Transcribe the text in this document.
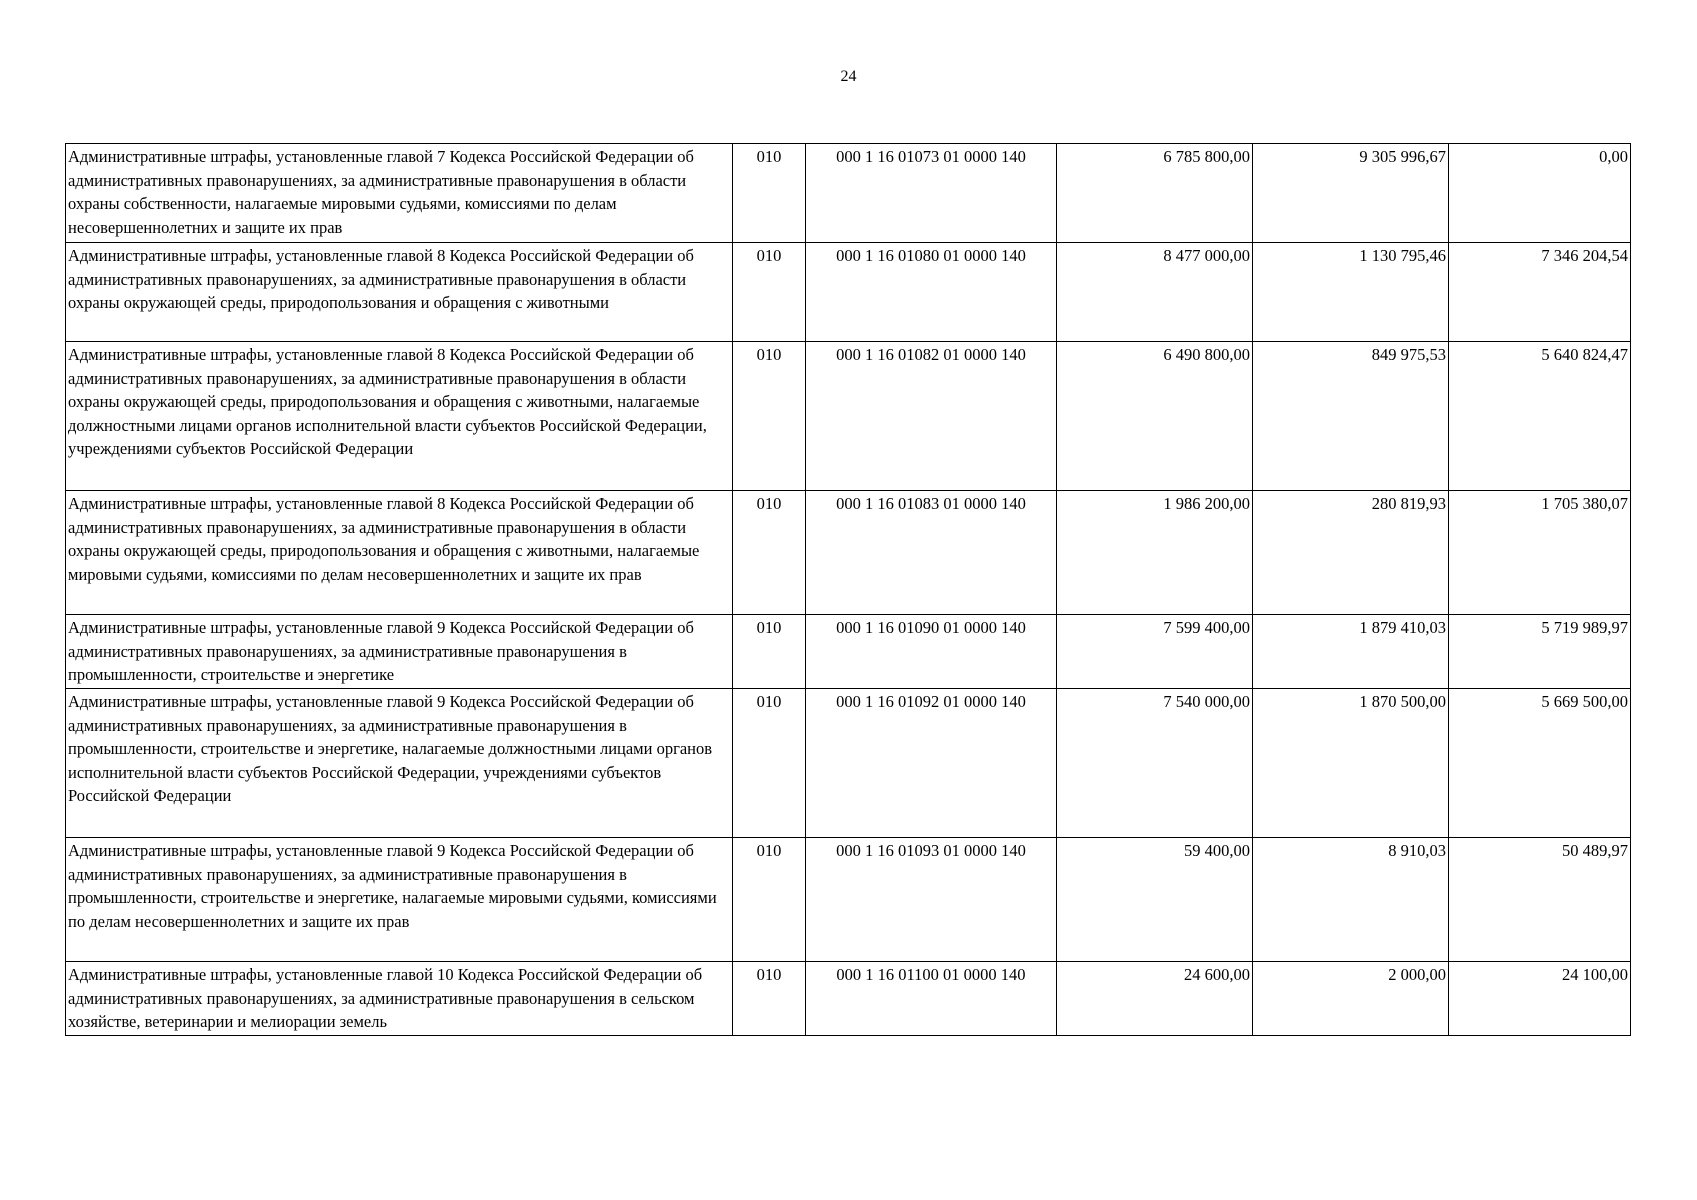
24
Административные штрафы, установленные главой 7 Кодекса Российской Федерации об административных правонарушениях, за административные правонарушения в области охраны собственности, налагаемые мировыми судьями, комиссиями по делам несовершеннолетних и защите их прав	010	000 1 16 01073 01 0000 140	6 785 800,00	9 305 996,67	0,00
Административные штрафы, установленные главой 8 Кодекса Российской Федерации об административных правонарушениях, за административные правонарушения в области охраны окружающей среды, природопользования и обращения с животными	010	000 1 16 01080 01 0000 140	8 477 000,00	1 130 795,46	7 346 204,54
Административные штрафы, установленные главой 8 Кодекса Российской Федерации об административных правонарушениях, за административные правонарушения в области охраны окружающей среды, природопользования и обращения с животными, налагаемые должностными лицами органов исполнительной власти субъектов Российской Федерации, учреждениями субъектов Российской Федерации	010	000 1 16 01082 01 0000 140	6 490 800,00	849 975,53	5 640 824,47
Административные штрафы, установленные главой 8 Кодекса Российской Федерации об административных правонарушениях, за административные правонарушения в области охраны окружающей среды, природопользования и обращения с животными, налагаемые мировыми судьями, комиссиями по делам несовершеннолетних и защите их прав	010	000 1 16 01083 01 0000 140	1 986 200,00	280 819,93	1 705 380,07
Административные штрафы, установленные главой 9 Кодекса Российской Федерации об административных правонарушениях, за административные правонарушения в промышленности, строительстве и энергетике	010	000 1 16 01090 01 0000 140	7 599 400,00	1 879 410,03	5 719 989,97
Административные штрафы, установленные главой 9 Кодекса Российской Федерации об административных правонарушениях, за административные правонарушения в промышленности, строительстве и энергетике, налагаемые должностными лицами органов исполнительной власти субъектов Российской Федерации, учреждениями субъектов Российской Федерации	010	000 1 16 01092 01 0000 140	7 540 000,00	1 870 500,00	5 669 500,00
Административные штрафы, установленные главой 9 Кодекса Российской Федерации об административных правонарушениях, за административные правонарушения в промышленности, строительстве и энергетике, налагаемые мировыми судьями, комиссиями по делам несовершеннолетних и защите их прав	010	000 1 16 01093 01 0000 140	59 400,00	8 910,03	50 489,97
Административные штрафы, установленные главой 10 Кодекса Российской Федерации об административных правонарушениях, за административные правонарушения в сельском хозяйстве, ветеринарии и мелиорации земель	010	000 1 16 01100 01 0000 140	24 600,00	2 000,00	24 100,00
